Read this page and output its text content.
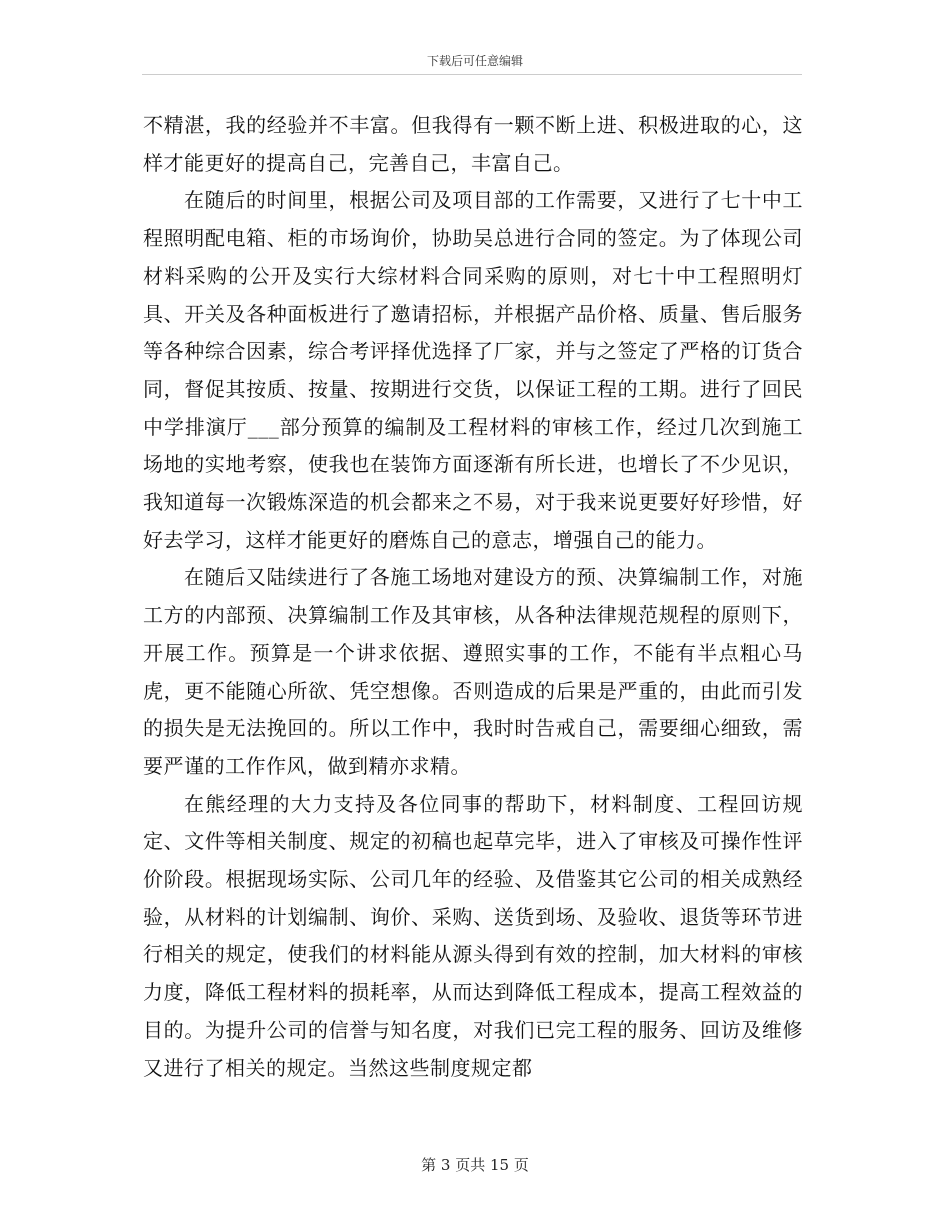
下载后可任意编辑

不精湛，我的经验并不丰富。但我得有一颗不断上进、积极进取的心，这样才能更好的提高自己，完善自己，丰富自己。

在随后的时间里，根据公司及项目部的工作需要，又进行了七十中工程照明配电箱、柜的市场询价，协助吴总进行合同的签定。为了体现公司材料采购的公开及实行大综材料合同采购的原则，对七十中工程照明灯具、开关及各种面板进行了邀请招标，并根据产品价格、质量、售后服务等各种综合因素，综合考评择优选择了厂家，并与之签定了严格的订货合同，督促其按质、按量、按期进行交货，以保证工程的工期。进行了回民中学排演厅___部分预算的编制及工程材料的审核工作，经过几次到施工场地的实地考察，使我也在装饰方面逐渐有所长进，也增长了不少见识，我知道每一次锻炼深造的机会都来之不易，对于我来说更要好好珍惜，好好去学习，这样才能更好的磨炼自己的意志，增强自己的能力。

在随后又陆续进行了各施工场地对建设方的预、决算编制工作，对施工方的内部预、决算编制工作及其审核，从各种法律规范规程的原则下，开展工作。预算是一个讲求依据、遵照实事的工作，不能有半点粗心马虎，更不能随心所欲、凭空想像。否则造成的后果是严重的，由此而引发的损失是无法挽回的。所以工作中，我时时告戒自己，需要细心细致，需要严谨的工作作风，做到精亦求精。

在熊经理的大力支持及各位同事的帮助下，材料制度、工程回访规定、文件等相关制度、规定的初稿也起草完毕，进入了审核及可操作性评价阶段。根据现场实际、公司几年的经验、及借鉴其它公司的相关成熟经验，从材料的计划编制、询价、采购、送货到场、及验收、退货等环节进行相关的规定，使我们的材料能从源头得到有效的控制，加大材料的审核力度，降低工程材料的损耗率，从而达到降低工程成本，提高工程效益的目的。为提升公司的信誉与知名度，对我们已完工程的服务、回访及维修又进行了相关的规定。当然这些制度规定都

第 3 页共 15 页
